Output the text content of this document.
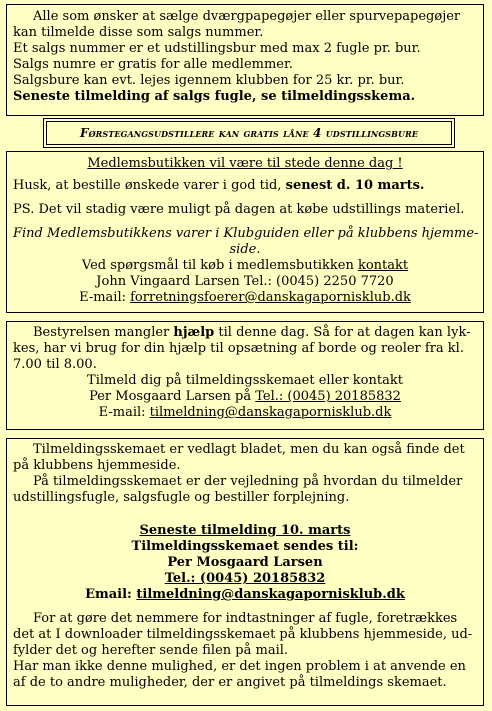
Alle som ønsker at sælge dværgpapegøjer eller spurvepapegøjer
kan tilmelde disse som salgs nummer.
Et salgs nummer er et udstillingsbur med max 2 fugle pr. bur.
Salgs numre er gratis for alle medlemmer.
Salgsbure kan evt. lejes igennem klubben for 25 kr. pr. bur.
Seneste tilmelding af salgs fugle, se tilmeldingsskema.
F ørstegangsudstillere kan gratis låne 4 udstillingsbure
Medlemsbutikken vil være til stede denne dag !
Husk, at bestille ønskede varer i god tid, senest d. 10 marts.
PS. Det vil stadig være muligt på dagen at købe udstillings materiel.
Find Medlemsbutikkens varer i Klubguiden eller på klubbens hjemme-
side.
Ved spørgsmål til køb i medlemsbutikken kontakt
John Vingaard Larsen Tel.: (0045) 2250 7720
E-mail: forretningsfoerer@danskagapornisklub.dk
Bestyrelsen mangler hjælp til denne dag. Så for at dagen kan lyk-
kes, har vi brug for din hjælp til opsætning af borde og reoler fra kl.
7.00 til 8.00.
Tilmeld dig på tilmeldingsskemaet eller kontakt
Per Mosgaard Larsen på Tel.: (0045) 20185832
E-mail: tilmeldning@danskagapornisklub.dk
Tilmeldingsskemaet er vedlagt bladet, men du kan også finde det
på klubbens hjemmeside.
På tilmeldingsskemaet er der vejledning på hvordan du tilmelder
udstillingsfugle, salgsfugle og bestiller forplejning.
Seneste tilmelding 10. marts
Tilmeldingsskemaet sendes til:
Per Mosgaard Larsen
Tel.: (0045) 20185832
Email: tilmeldning@danskagapornisklub.dk
For at gøre det nemmere for indtastninger af fugle, foretrækkes
det at I downloader tilmeldingsskemaet på klubbens hjemmeside, ud-
fylder det og herefter sende filen på mail.
Har man ikke denne mulighed, er det ingen problem i at anvende en
af de to andre muligheder, der er angivet på tilmeldings skemaet.
